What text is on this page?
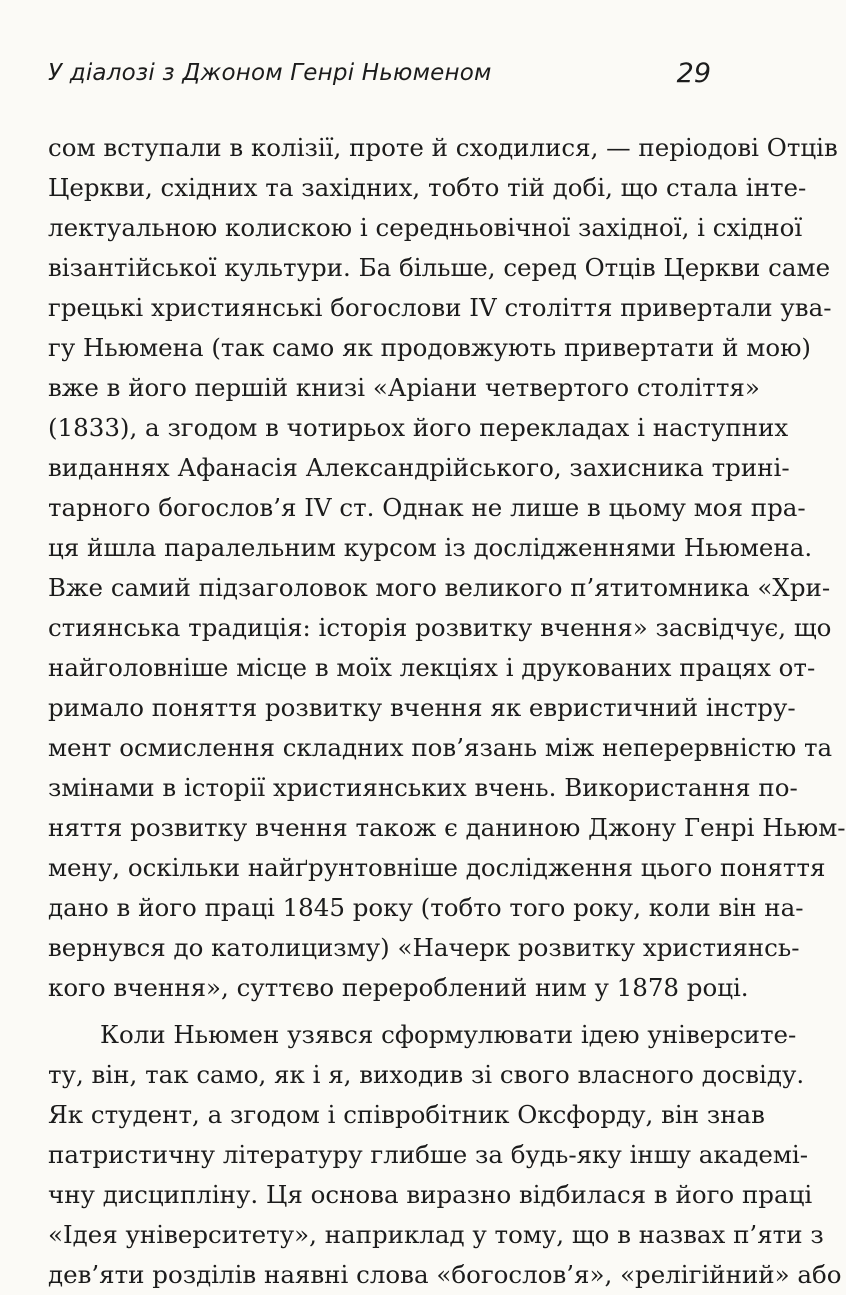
У діалозі з Джоном Генрі Ньюменом	29
сом вступали в колізії, проте й сходилися, — періодові Отців
Церкви, східних та західних, тобто тій добі, що стала інте-
лектуальною колискою і середньовічної західної, і східної
візантійської культури. Ба більше, серед Отців Церкви саме
грецькі християнські богослови IV століття привертали ува-
гу Ньюмена (так само як продовжують привертати й мою)
вже в його першій книзі «Аріани четвертого століття»
(1833), а згодом в чотирьох його перекладах і наступних
виданнях Афанасія Александрійського, захисника трині-
тарного богослов’я IV ст. Однак не лише в цьому моя пра-
ця йшла паралельним курсом із дослідженнями Ньюмена.
Вже самий підзаголовок мого великого п’ятитомника «Хри-
стиянська традиція: історія розвитку вчення» засвідчує, що
найголовніше місце в моїх лекціях і друкованих працях от-
римало поняття розвитку вчення як евристичний інстру-
мент осмислення складних пов’язань між неперервністю та
змінами в історії християнських вчень. Використання по-
няття розвитку вчення також є даниною Джону Генрі Ньюм-
мену, оскільки найґрунтовніше дослідження цього поняття
дано в його праці 1845 року (тобто того року, коли він на-
вернувся до католицизму) «Начерк розвитку християнсь-
кого вчення», суттєво перероблений ним у 1878 році.
Коли Ньюмен узявся сформулювати ідею університе-
ту, він, так само, як і я, виходив зі свого власного досвіду.
Як студент, а згодом і співробітник Оксфорду, він знав
патристичну літературу глибше за будь-яку іншу академі-
чну дисципліну. Ця основа виразно відбилася в його праці
«Ідея університету», наприклад у тому, що в назвах п’яти з
дев’яти розділів наявні слова «богослов’я», «релігійний» або
